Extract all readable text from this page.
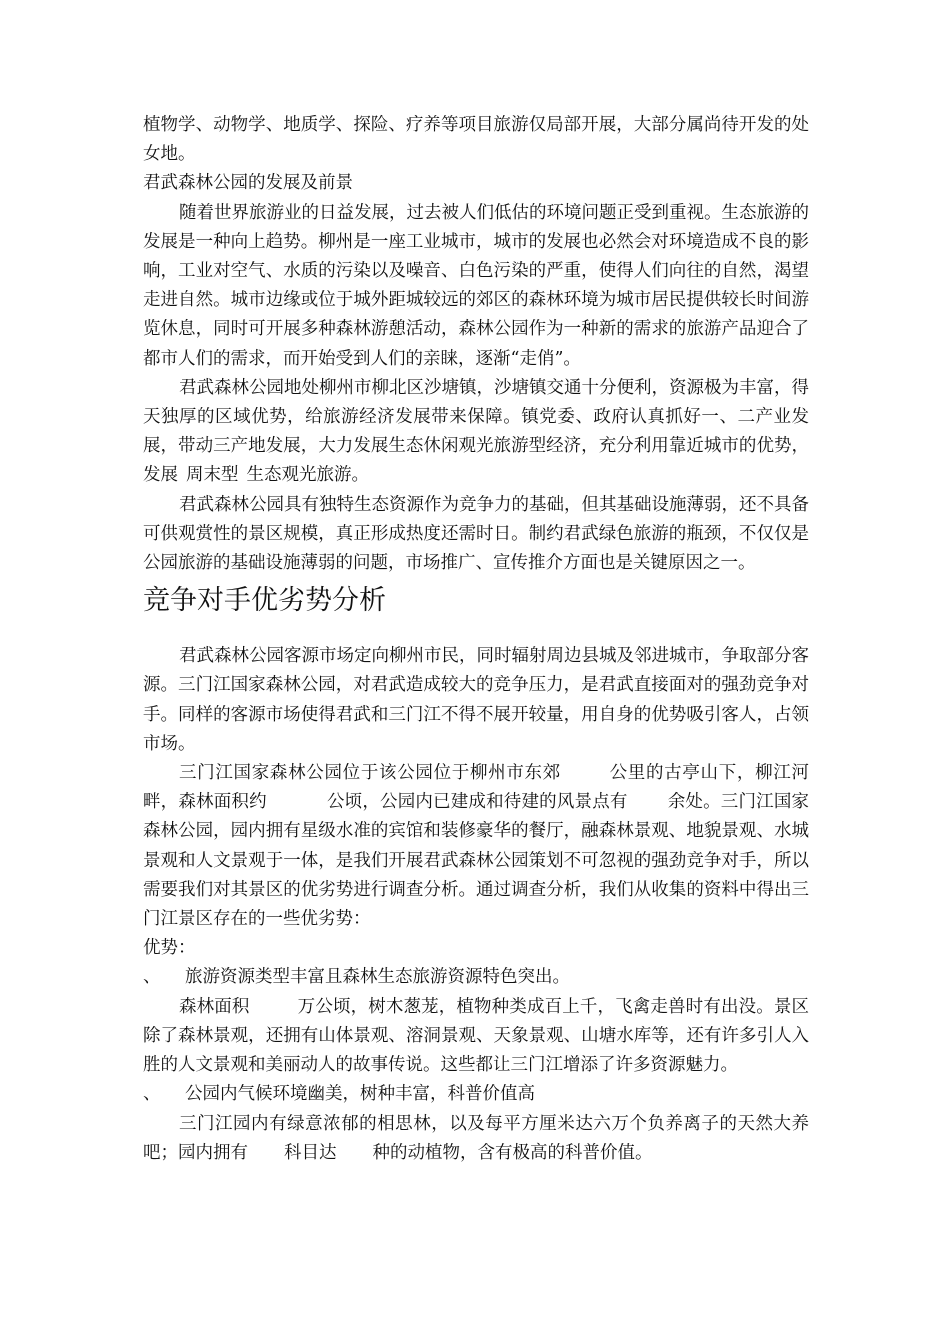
植物学、动物学、地质学、探险、疗养等项目旅游仅局部开展，大部分属尚待开发的处女地。

君武森林公园的发展及前景

随着世界旅游业的日益发展，过去被人们低估的环境问题正受到重视。生态旅游的发展是一种向上趋势。柳州是一座工业城市，城市的发展也必然会对环境造成不良的影响，工业对空气、水质的污染以及噪音、白色污染的严重，使得人们向往的自然，渴望走进自然。城市边缘或位于城外距城较远的郊区的森林环境为城市居民提供较长时间游览休息，同时可开展多种森林游憩活动，森林公园作为一种新的需求的旅游产品迎合了都市人们的需求，而开始受到人们的亲睐，逐渐“走俏”。

君武森林公园地处柳州市柳北区沙塘镇，沙塘镇交通十分便利，资源极为丰富，得天独厚的区域优势，给旅游经济发展带来保障。镇党委、政府认真抓好一、二产业发展，带动三产地发展，大力发展生态休闲观光旅游型经济，充分利用靠近城市的优势，发展 周末型 生态观光旅游。

君武森林公园具有独特生态资源作为竞争力的基础，但其基础设施薄弱，还不具备可供观赏性的景区规模，真正形成热度还需时日。制约君武绿色旅游的瓶颈，不仅仅是公园旅游的基础设施薄弱的问题，市场推广、宣传推介方面也是关键原因之一。

竞争对手优劣势分析

君武森林公园客源市场定向柳州市民，同时辐射周边县城及邻进城市，争取部分客源。三门江国家森林公园，对君武造成较大的竞争压力，是君武直接面对的强劲竞争对手。同样的客源市场使得君武和三门江不得不展开较量，用自身的优势吸引客人，占领市场。

三门江国家森林公园位于该公园位于柳州市东郊	公里的古亭山下，柳江河畔，森林面积约	公顷，公园内已建成和待建的风景点有 余处。三门江国家森林公园，园内拥有星级水准的宾馆和装修豪华的餐厅，融森林景观、地貌景观、水城景观和人文景观于一体，是我们开展君武森林公园策划不可忽视的强劲竞争对手，所以需要我们对其景区的优劣势进行调查分析。通过调查分析，我们从收集的资料中得出三门江景区存在的一些优劣势：

优势：

、 旅游资源类型丰富且森林生态旅游资源特色突出。

森林面积	万公顷，树木葱茏，植物种类成百上千，飞禽走兽时有出没。景区除了森林景观，还拥有山体景观、溶洞景观、天象景观、山塘水库等，还有许多引人入胜的人文景观和美丽动人的故事传说。这些都让三门江增添了许多资源魅力。

、 公园内气候环境幽美，树种丰富，科普价值高

三门江园内有绿意浓郁的相思林，以及每平方厘米达六万个负养离子的天然大养吧；园内拥有 科目达 种的动植物，含有极高的科普价值。
